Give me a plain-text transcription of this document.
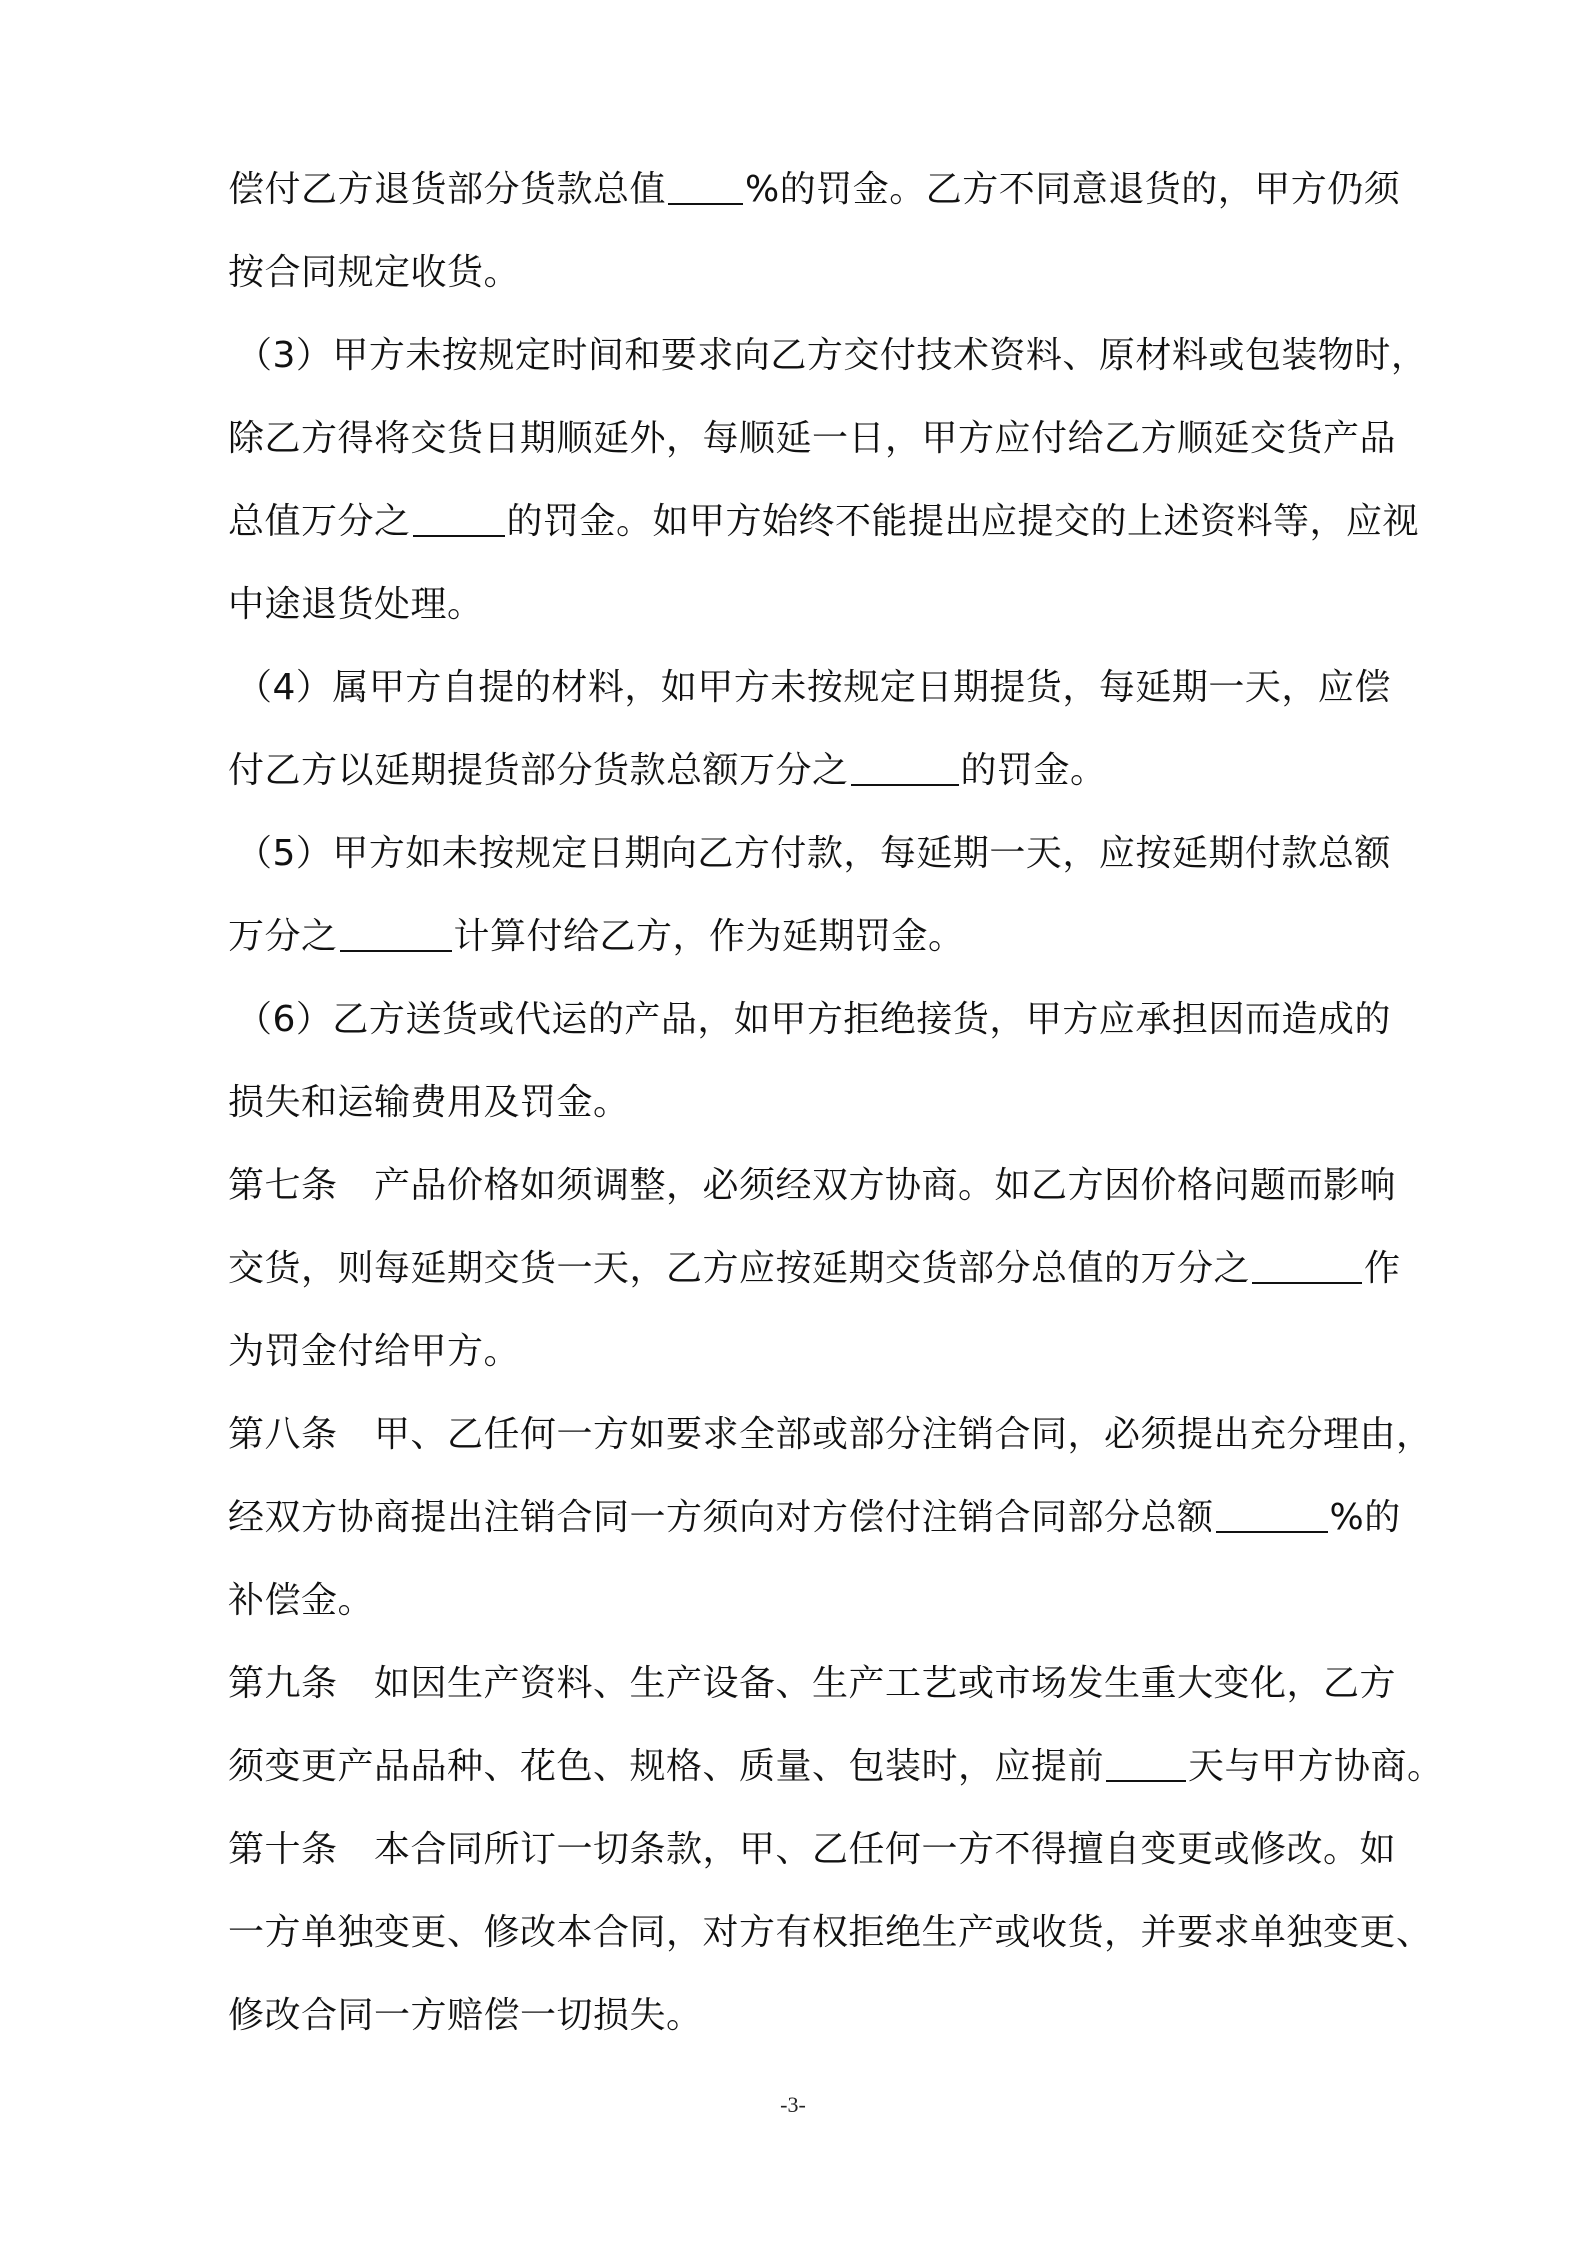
偿付乙方退货部分货款总值 %的罚金。乙方不同意退货的，甲方仍须
按合同规定收货。
（3）甲方未按规定时间和要求向乙方交付技术资料、原材料或包装物时，
除乙方得将交货日期顺延外，每顺延一日，甲方应付给乙方顺延交货产品
总值万分之	的罚金。如甲方始终不能提出应提交的上述资料等，应视
中途退货处理。
（4）属甲方自提的材料，如甲方未按规定日期提货，每延期一天，应偿
付乙方以延期提货部分货款总额万分之	的罚金。
（5）甲方如未按规定日期向乙方付款，每延期一天，应按延期付款总额
万分之	计算付给乙方，作为延期罚金。
（6）乙方送货或代运的产品，如甲方拒绝接货，甲方应承担因而造成的
损失和运输费用及罚金。
第七条　产品价格如须调整，必须经双方协商。如乙方因价格问题而影响
交货，则每延期交货一天，乙方应按延期交货部分总值的万分之	作
为罚金付给甲方。
第八条　甲、乙任何一方如要求全部或部分注销合同，必须提出充分理由，
经双方协商提出注销合同一方须向对方偿付注销合同部分总额	%的
补偿金。
第九条　如因生产资料、生产设备、生产工艺或市场发生重大变化，乙方
须变更产品品种、花色、规格、质量、包装时，应提前 天与甲方协商。
第十条　本合同所订一切条款，甲、乙任何一方不得擅自变更或修改。如
一方单独变更、修改本合同，对方有权拒绝生产或收货，并要求单独变更、
修改合同一方赔偿一切损失。
-3-
